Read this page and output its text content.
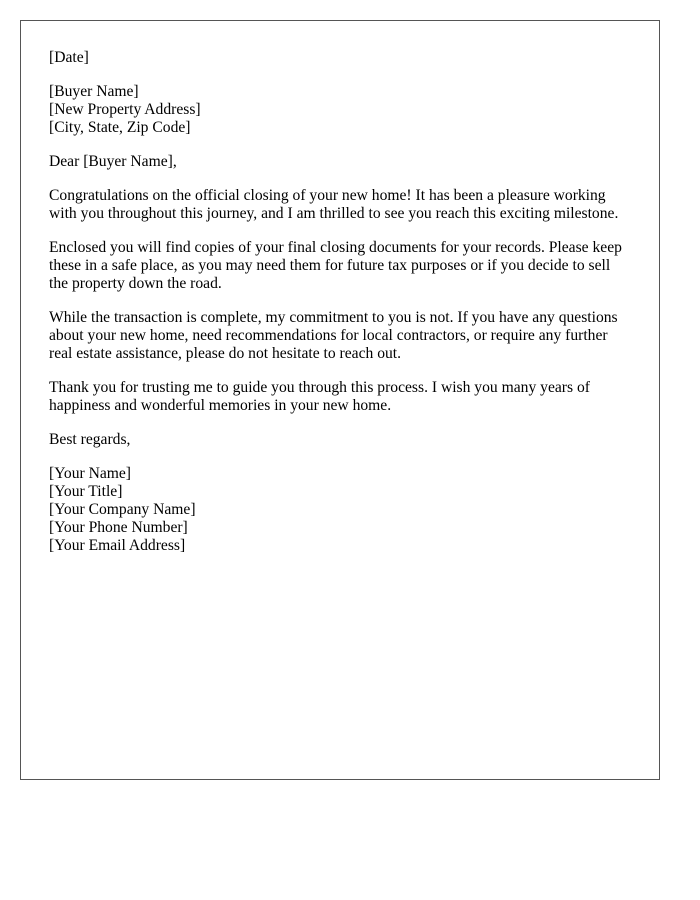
[Date]
[Buyer Name]
[New Property Address]
[City, State, Zip Code]
Dear [Buyer Name],

Congratulations on the official closing of your new home! It has been a pleasure working with you throughout this journey, and I am thrilled to see you reach this exciting milestone.

Enclosed you will find copies of your final closing documents for your records. Please keep these in a safe place, as you may need them for future tax purposes or if you decide to sell the property down the road.

While the transaction is complete, my commitment to you is not. If you have any questions about your new home, need recommendations for local contractors, or require any further real estate assistance, please do not hesitate to reach out.

Thank you for trusting me to guide you through this process. I wish you many years of happiness and wonderful memories in your new home.

Best regards,
[Your Name]
[Your Title]
[Your Company Name]
[Your Phone Number]
[Your Email Address]
